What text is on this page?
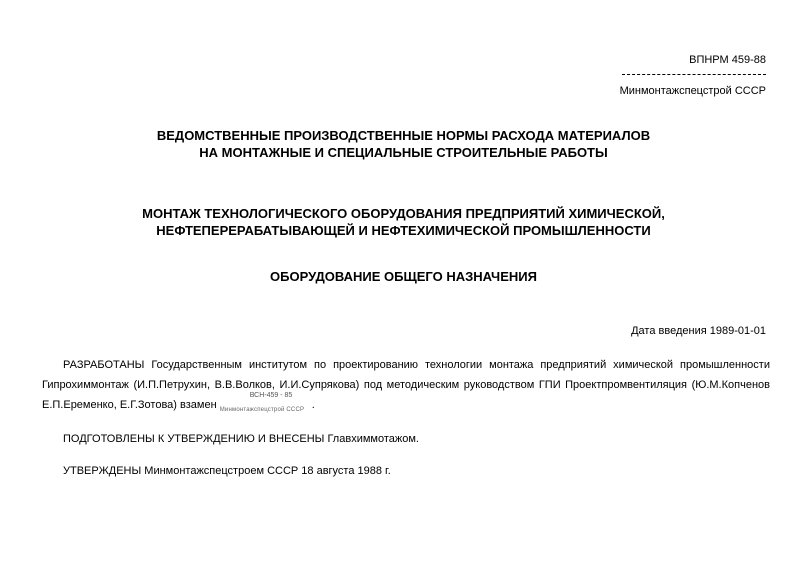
ВПНРМ 459-88
Минмонтажспецстрой СССР
ВЕДОМСТВЕННЫЕ ПРОИЗВОДСТВЕННЫЕ НОРМЫ РАСХОДА МАТЕРИАЛОВ
НА МОНТАЖНЫЕ И СПЕЦИАЛЬНЫЕ СТРОИТЕЛЬНЫЕ РАБОТЫ
МОНТАЖ ТЕХНОЛОГИЧЕСКОГО ОБОРУДОВАНИЯ ПРЕДПРИЯТИЙ ХИМИЧЕСКОЙ,
НЕФТЕПЕРЕРАБАТЫВАЮЩЕЙ И НЕФТЕХИМИЧЕСКОЙ ПРОМЫШЛЕННОСТИ
ОБОРУДОВАНИЕ ОБЩЕГО НАЗНАЧЕНИЯ
Дата введения 1989-01-01
РАЗРАБОТАНЫ Государственным институтом по проектированию технологии монтажа предприятий химической промышленности
Гипрохиммонтаж (И.П.Петрухин, В.В.Волков, И.И.Супрякова) под методическим руководством ГПИ Проектпромвентиляция (Ю.М.Копченов
Е.П.Еременко, Е.Г.Зотова) взамен
ВСН-459 - 85
Минмонтажспецстрой СССР .
ПОДГОТОВЛЕНЫ К УТВЕРЖДЕНИЮ И ВНЕСЕНЫ Главхиммотажом.
УТВЕРЖДЕНЫ Минмонтажспецстроем СССР 18 августа 1988 г.
